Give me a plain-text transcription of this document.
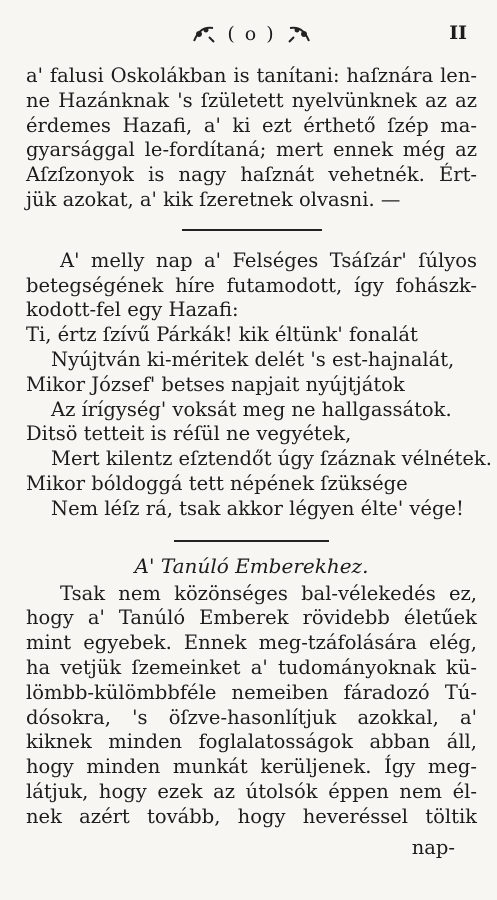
( o )	II
a' falusi Oskolákban is tanítani: haſznára len-
ne Hazánknak 's ſzületett nyelvünknek az az
érdemes Hazafi, a' ki ezt érthető ſzép ma-
gyarsággal le-fordítaná; mert ennek még az
Aſzſzonyok is nagy haſznát vehetnék. Ért-
jük azokat, a' kik ſzeretnek olvasni. —
A' melly nap a' Felséges Tsáſzár' ſúlyos
betegségének híre futamodott, így fohászk-
kodott-fel egy Hazafi:
Ti, értz ſzívű Párkák! kik éltünk' fonalát
Nyújtván ki-méritek delét 's est-hajnalát,
Mikor József' betses napjait nyújtjátok
Az írígység' voksát meg ne hallgassátok.
Ditsö tetteit is réſül ne vegyétek,
Mert kilentz eſztendőt úgy ſzáznak vélnétek.
Mikor bóldoggá tett népének ſzüksége
Nem léſz rá, tsak akkor légyen élte' vége!

A' Tanúló Emberekhez.

Tsak nem közönséges bal-vélekedés ez,
hogy a' Tanúló Emberek rövidebb életűek
mint egyebek. Ennek meg-tzáfolására elég,
ha vetjük ſzemeinket a' tudományoknak kü-
lömbb-külömbbféle nemeiben fáradozó Tú-
dósokra, 's öſzve-hasonlítjuk azokkal, a'
kiknek minden foglalatosságok abban áll,
hogy minden munkát kerüljenek. Így meg-
látjuk, hogy ezek az útolsók éppen nem él-
nek azért tovább, hogy heveréssel töltik
nap-
